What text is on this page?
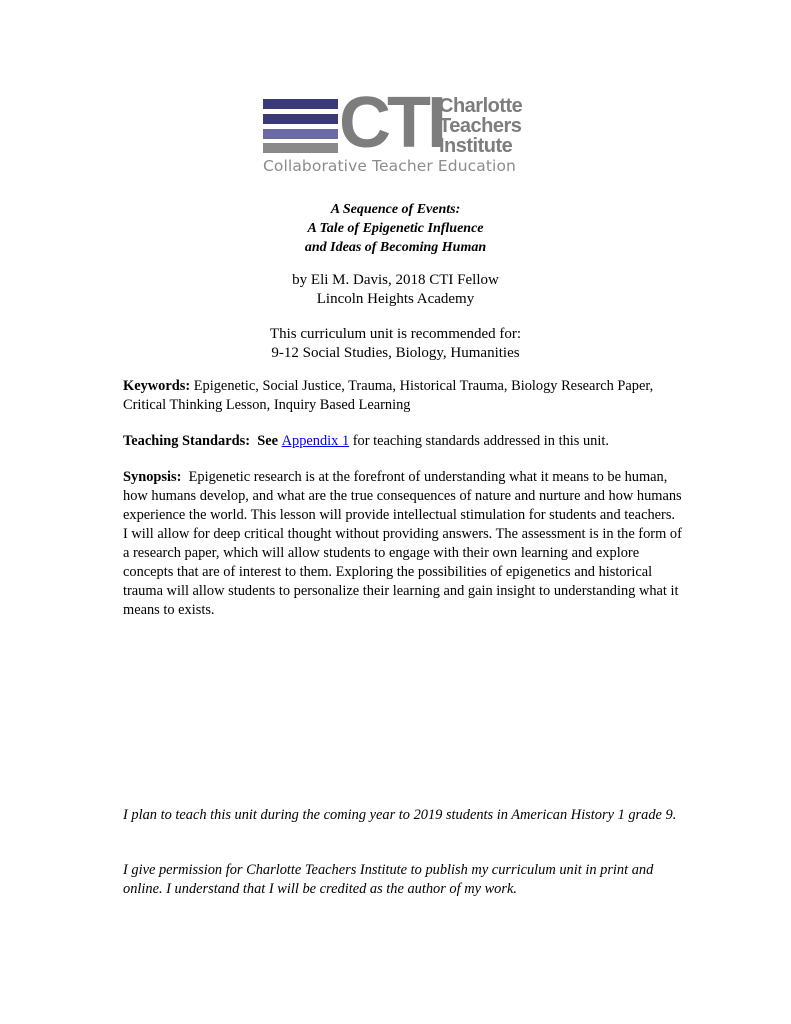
CTI
Charlotte
Teachers
Institute
Collaborative Teacher Education
A Sequence of Events:
A Tale of Epigenetic Influence
and Ideas of Becoming Human
by Eli M. Davis, 2018 CTI Fellow
Lincoln Heights Academy
This curriculum unit is recommended for:
9-12 Social Studies, Biology, Humanities
Keywords: Epigenetic, Social Justice, Trauma, Historical Trauma, Biology Research Paper, Critical Thinking Lesson, Inquiry Based Learning
Teaching Standards:  See Appendix 1 for teaching standards addressed in this unit.
Synopsis:  Epigenetic research is at the forefront of understanding what it means to be human, how humans develop, and what are the true consequences of nature and nurture and how humans experience the world. This lesson will provide intellectual stimulation for students and teachers. I will allow for deep critical thought without providing answers. The assessment is in the form of a research paper, which will allow students to engage with their own learning and explore concepts that are of interest to them. Exploring the possibilities of epigenetics and historical trauma will allow students to personalize their learning and gain insight to understanding what it means to exists.
I plan to teach this unit during the coming year to 2019 students in American History 1 grade 9.
I give permission for Charlotte Teachers Institute to publish my curriculum unit in print and online. I understand that I will be credited as the author of my work.
